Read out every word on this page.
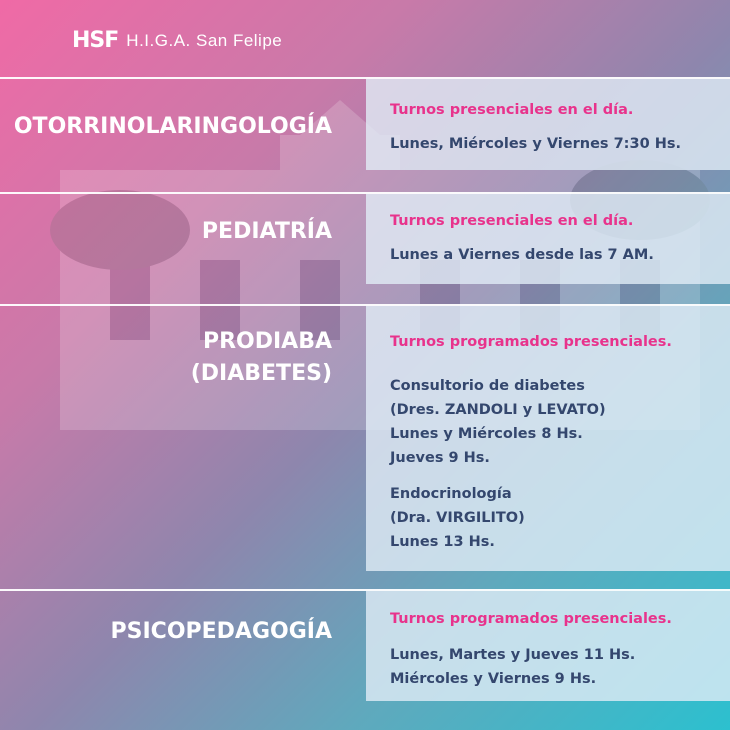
HSF H.I.G.A. San Felipe
OTORRINOLARINGOLOGÍA
Turnos presenciales en el día.
Lunes, Miércoles y Viernes 7:30 Hs.
PEDIATRÍA	Turnos presenciales en el día.
Lunes a Viernes desde las 7 AM.
PRODIABA
(DIABETES)
Turnos programados presenciales.
Consultorio de diabetes
(Dres. ZANDOLI y LEVATO)
Lunes y Miércoles 8 Hs.
Jueves 9 Hs.
Endocrinología
(Dra. VIRGILITO)
Lunes 13 Hs.
PSICOPEDAGOGÍA	Turnos programados presenciales.
Lunes, Martes y Jueves 11 Hs.
Miércoles y Viernes 9 Hs.
